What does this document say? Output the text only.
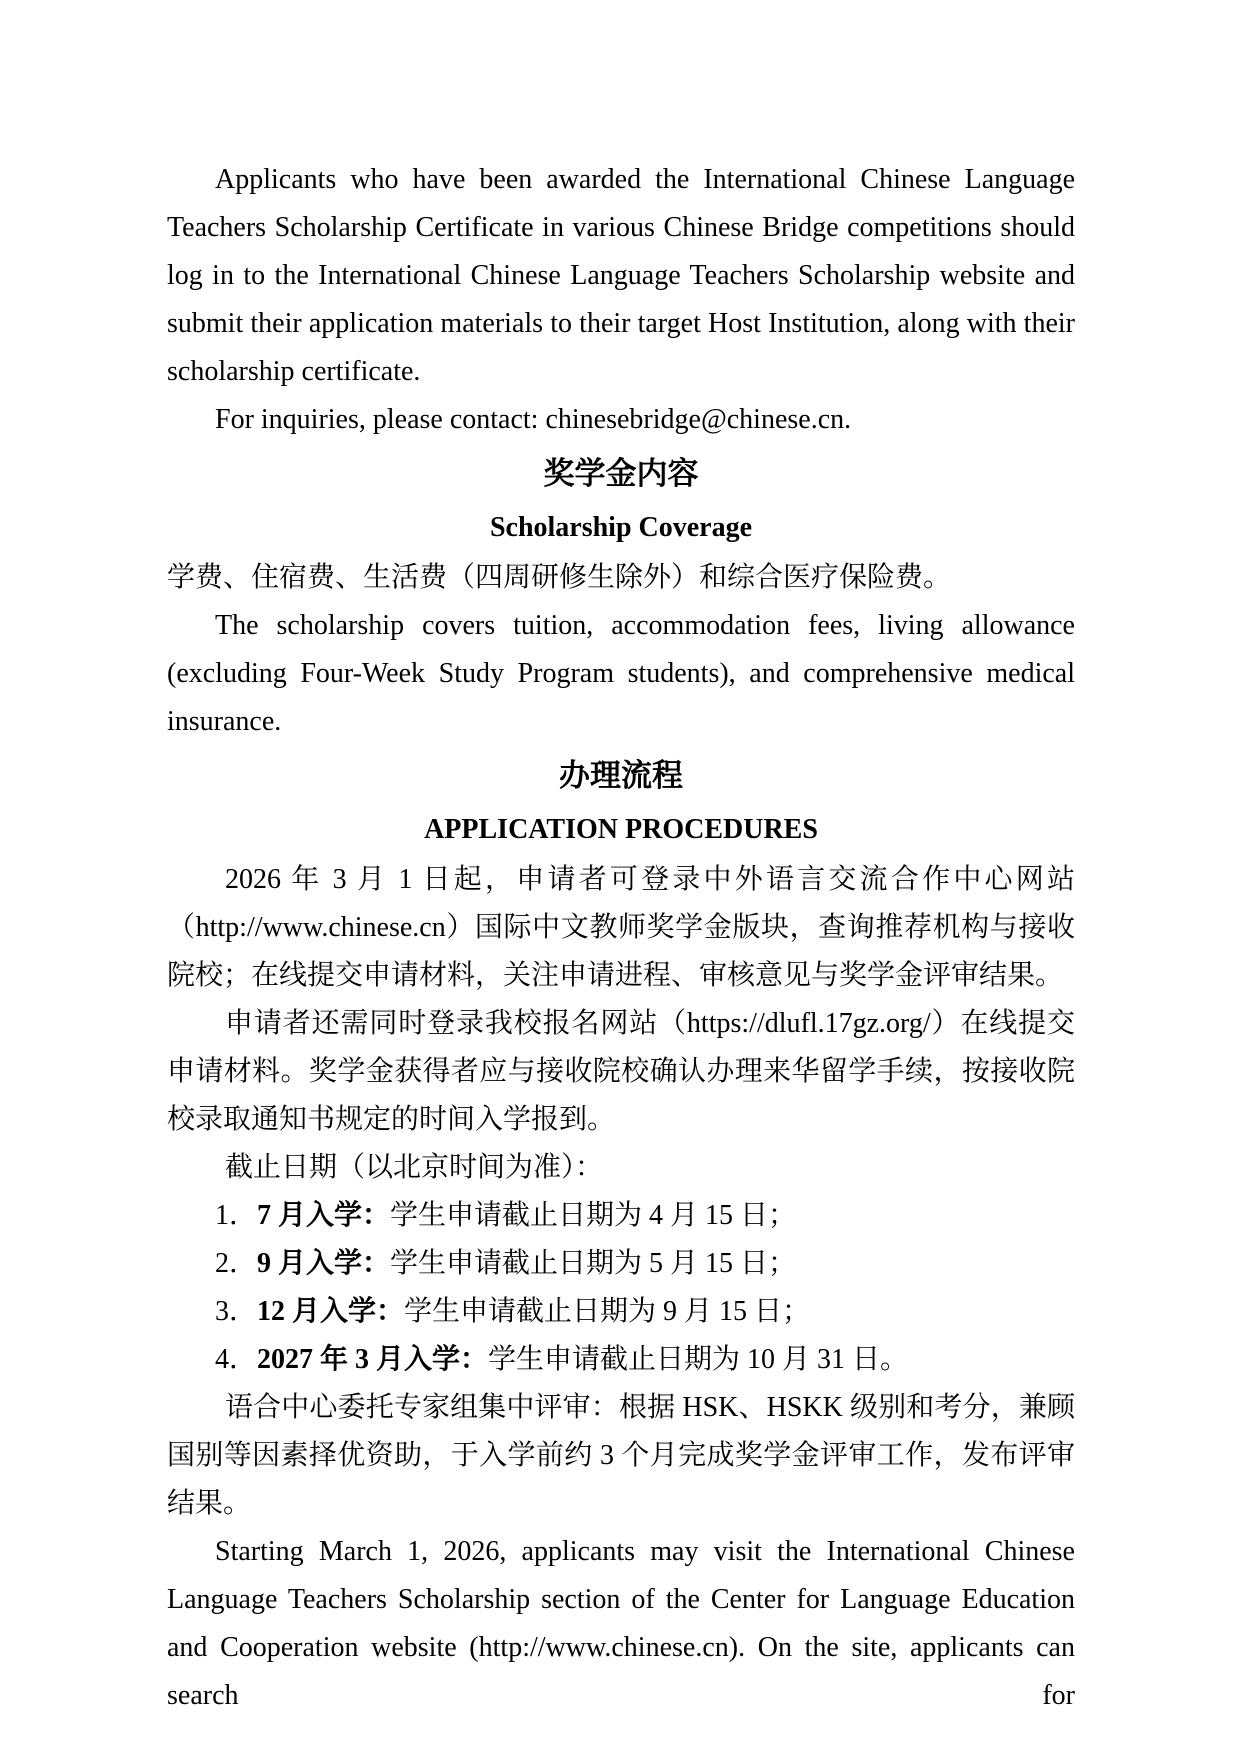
Applicants who have been awarded the International Chinese Language Teachers Scholarship Certificate in various Chinese Bridge competitions should log in to the International Chinese Language Teachers Scholarship website and submit their application materials to their target Host Institution, along with their scholarship certificate.

For inquiries, please contact: chinesebridge@chinese.cn.

奖学金内容

Scholarship Coverage

学费、住宿费、生活费（四周研修生除外）和综合医疗保险费。

The scholarship covers tuition, accommodation fees, living allowance (excluding Four-Week Study Program students), and comprehensive medical insurance.

办理流程

APPLICATION PROCEDURES

2026 年 3 月 1 日起，申请者可登录中外语言交流合作中心网站（http://www.chinese.cn）国际中文教师奖学金版块，查询推荐机构与接收院校；在线提交申请材料，关注申请进程、审核意见与奖学金评审结果。

申请者还需同时登录我校报名网站（https://dlufl.17gz.org/）在线提交申请材料。奖学金获得者应与接收院校确认办理来华留学手续，按接收院校录取通知书规定的时间入学报到。

截止日期（以北京时间为准）：

1．7 月入学：学生申请截止日期为 4 月 15 日；

2．9 月入学：学生申请截止日期为 5 月 15 日；

3．12 月入学：学生申请截止日期为 9 月 15 日；

4．2027 年 3 月入学：学生申请截止日期为 10 月 31 日。

语合中心委托专家组集中评审：根据 HSK、HSKK 级别和考分，兼顾国别等因素择优资助，于入学前约 3 个月完成奖学金评审工作，发布评审结果。

Starting March 1, 2026, applicants may visit the International Chinese Language Teachers Scholarship section of the Center for Language Education and Cooperation website (http://www.chinese.cn). On the site, applicants can search for
